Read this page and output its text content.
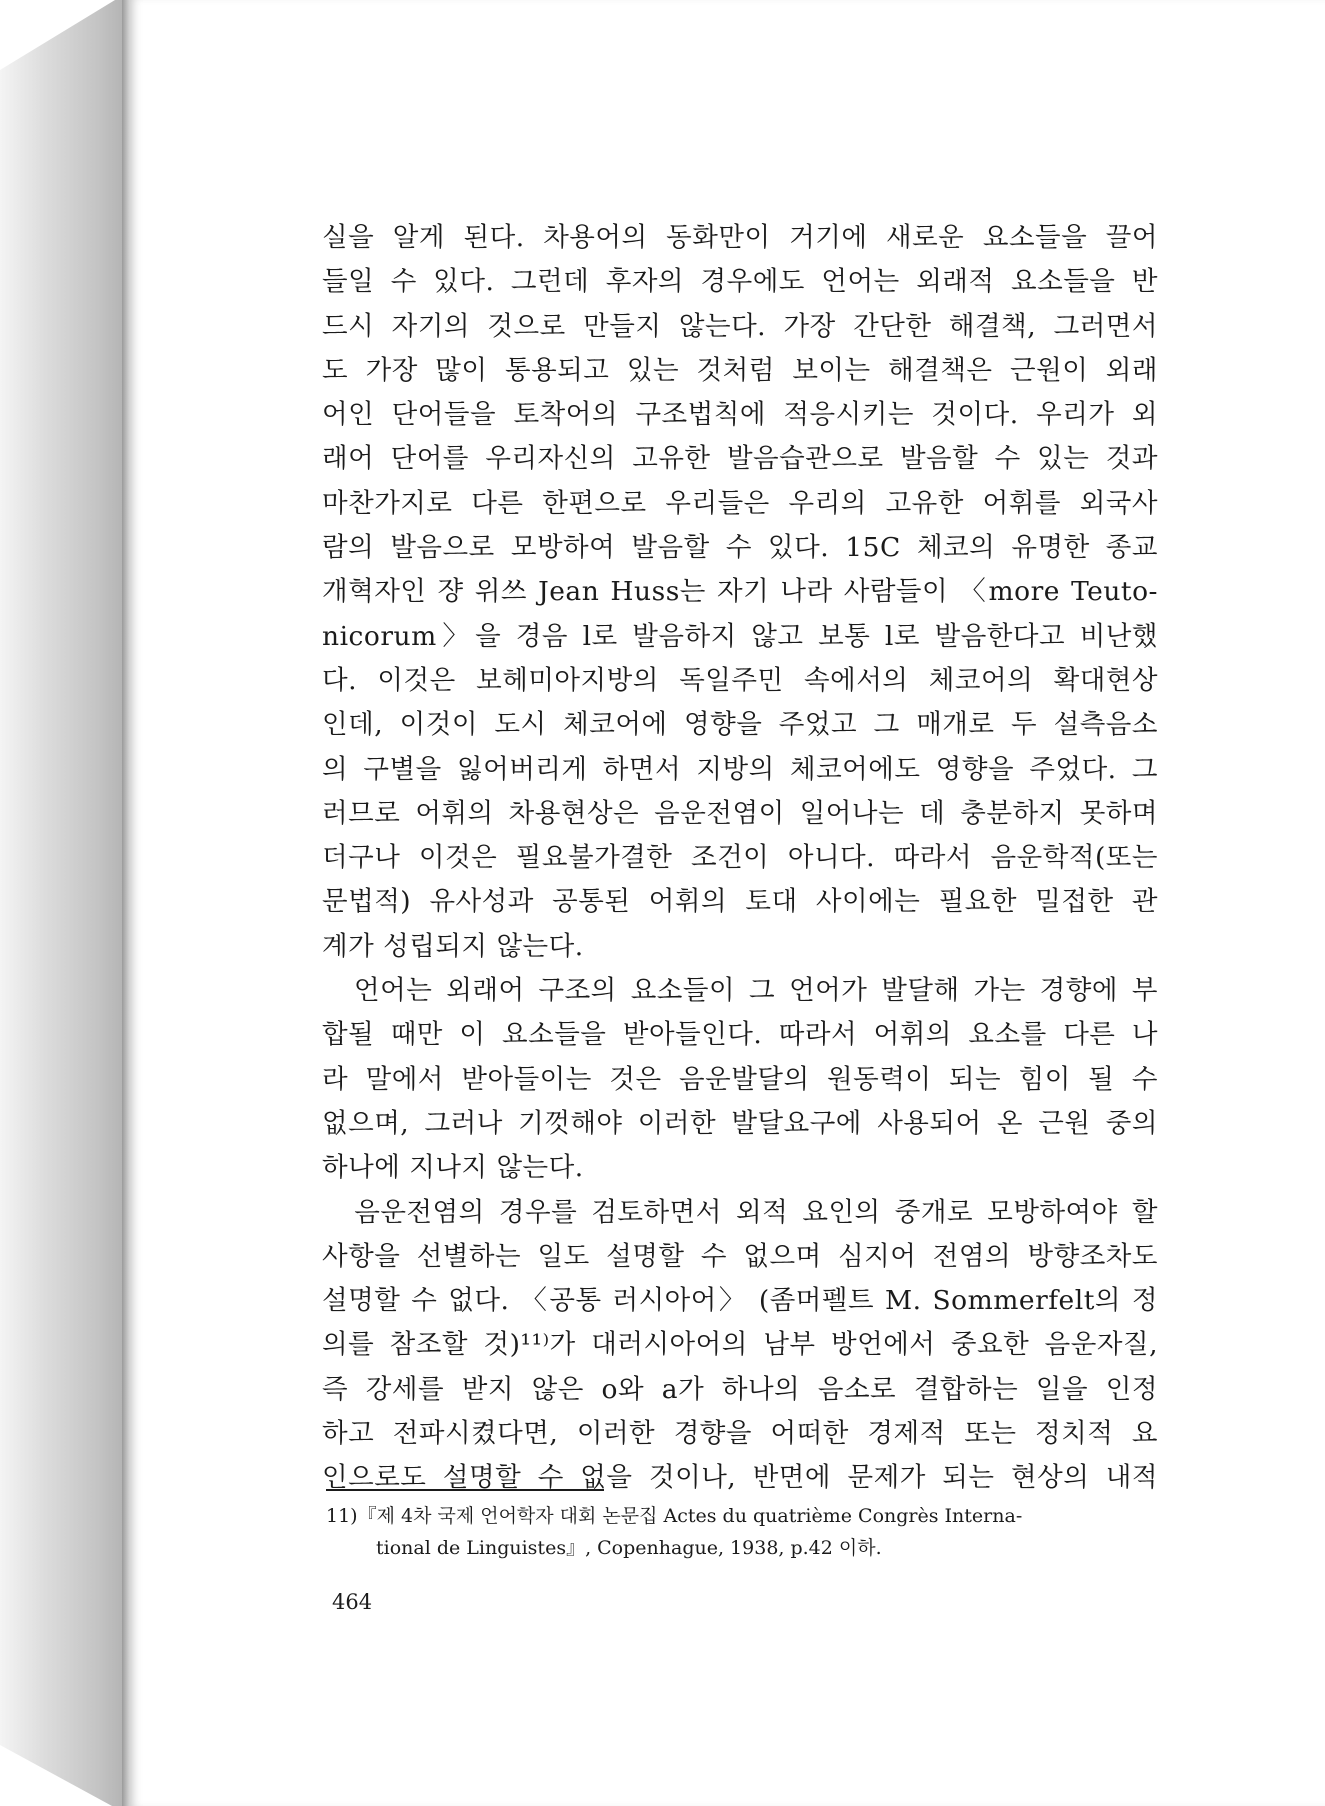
실을 알게 된다. 차용어의 동화만이 거기에 새로운 요소들을 끌어
들일 수 있다. 그런데 후자의 경우에도 언어는 외래적 요소들을 반
드시 자기의 것으로 만들지 않는다. 가장 간단한 해결책, 그러면서
도 가장 많이 통용되고 있는 것처럼 보이는 해결책은 근원이 외래
어인 단어들을 토착어의 구조법칙에 적응시키는 것이다. 우리가 외
래어 단어를 우리자신의 고유한 발음습관으로 발음할 수 있는 것과
마찬가지로 다른 한편으로 우리들은 우리의 고유한 어휘를 외국사
람의 발음으로 모방하여 발음할 수 있다. 15C 체코의 유명한 종교
개혁자인 쟝 위쓰 Jean Huss는 자기 나라 사람들이 〈more Teuto-
nicorum〉을 경음 l로 발음하지 않고 보통 l로 발음한다고 비난했
다. 이것은 보헤미아지방의 독일주민 속에서의 체코어의 확대현상
인데, 이것이 도시 체코어에 영향을 주었고 그 매개로 두 설측음소
의 구별을 잃어버리게 하면서 지방의 체코어에도 영향을 주었다. 그
러므로 어휘의 차용현상은 음운전염이 일어나는 데 충분하지 못하며
더구나 이것은 필요불가결한 조건이 아니다. 따라서 음운학적(또는
문법적) 유사성과 공통된 어휘의 토대 사이에는 필요한 밀접한 관
계가 성립되지 않는다.
　언어는 외래어 구조의 요소들이 그 언어가 발달해 가는 경향에 부
합될 때만 이 요소들을 받아들인다. 따라서 어휘의 요소를 다른 나
라 말에서 받아들이는 것은 음운발달의 원동력이 되는 힘이 될 수
없으며, 그러나 기껏해야 이러한 발달요구에 사용되어 온 근원 중의
하나에 지나지 않는다.
　음운전염의 경우를 검토하면서 외적 요인의 중개로 모방하여야 할
사항을 선별하는 일도 설명할 수 없으며 심지어 전염의 방향조차도
설명할 수 없다. 〈공통 러시아어〉 (좀머펠트 M. Sommerfelt의 정
의를 참조할 것)¹¹⁾가 대러시아어의 남부 방언에서 중요한 음운자질,
즉 강세를 받지 않은 o와 a가 하나의 음소로 결합하는 일을 인정
하고 전파시켰다면, 이러한 경향을 어떠한 경제적 또는 정치적 요
인으로도 설명할 수 없을 것이나, 반면에 문제가 되는 현상의 내적
11)『제 4차 국제 언어학자 대회 논문집 Actes du quatrième Congrès Interna-
tional de Linguistes』, Copenhague, 1938, p.42 이하.
464
